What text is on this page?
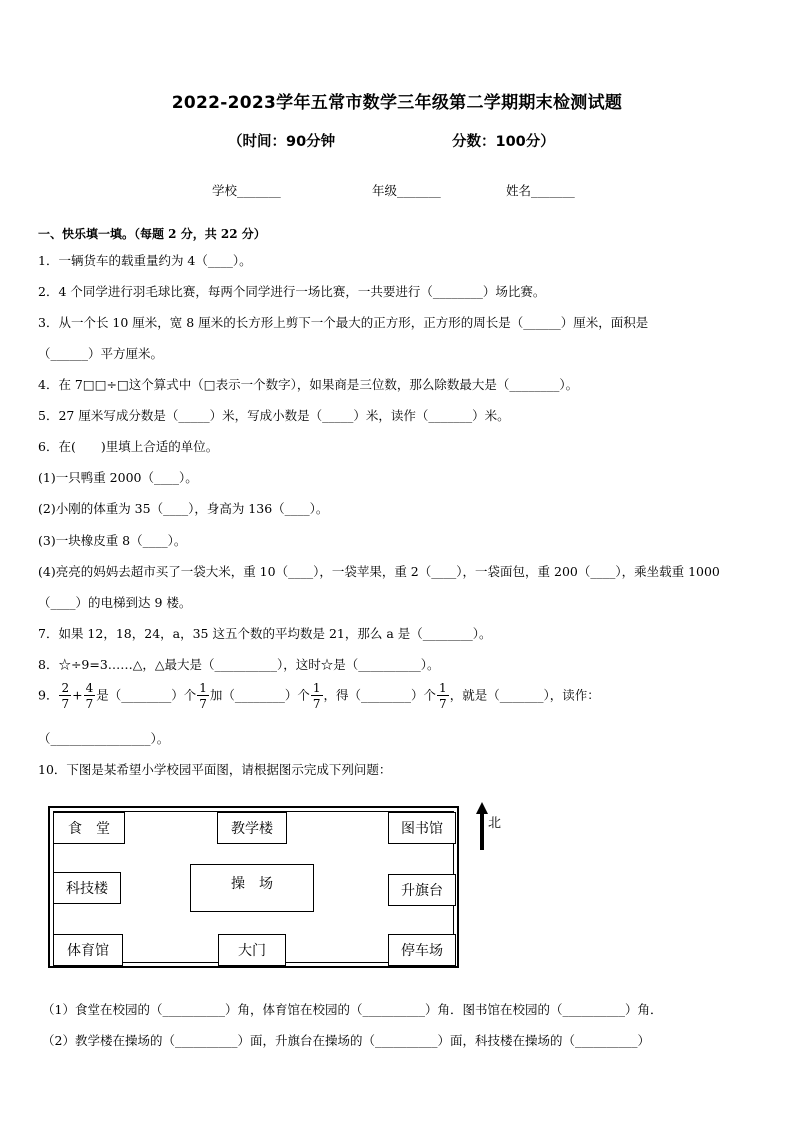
2022-2023学年五常市数学三年级第二学期期末检测试题
（时间：90分钟	分数：100分）
学校_______	年级_______	姓名_______
一、快乐填一填。（每题 2 分，共 22 分）
1．一辆货车的载重量约为 4（____）。
2．4 个同学进行羽毛球比赛，每两个同学进行一场比赛，一共要进行（________）场比赛。
3．从一个长 10 厘米，宽 8 厘米的长方形上剪下一个最大的正方形，正方形的周长是（______）厘米，面积是
（______）平方厘米。
4．在 7□□÷□这个算式中（□表示一个数字），如果商是三位数，那么除数最大是（________）。
5．27 厘米写成分数是（_____）米，写成小数是（_____）米，读作（_______）米。
6．在(　　)里填上合适的单位。
(1)一只鸭重 2000（____）。
(2)小刚的体重为 35（____），身高为 136（____）。
(3)一块橡皮重 8（____）。
(4)亮亮的妈妈去超市买了一袋大米，重 10（____），一袋苹果，重 2（____），一袋面包，重 200（____），乘坐载重 1000
（____）的电梯到达 9 楼。
7．如果 12，18，24，a，35 这五个数的平均数是 21，那么 a 是（________）。
8．☆÷9=3……△，△最大是（__________），这时☆是（__________）。
9． $\frac{2}{7} + \frac{4}{7}$ 是（________）个 $\frac{1}{7}$ 加（________）个 $\frac{1}{7}$ ，得（________）个 $\frac{1}{7}$ ，就是（_______），读作：
（________________）。
10．下图是某希望小学校园平面图，请根据图示完成下列问题：
食　堂	教学楼	图书馆
科技楼	操　场	升旗台
体育馆	大门	停车场
北
（1）食堂在校园的（__________）角，体育馆在校园的（__________）角．图书馆在校园的（__________）角．
（2）教学楼在操场的（__________）面，升旗台在操场的（__________）面，科技楼在操场的（__________）
